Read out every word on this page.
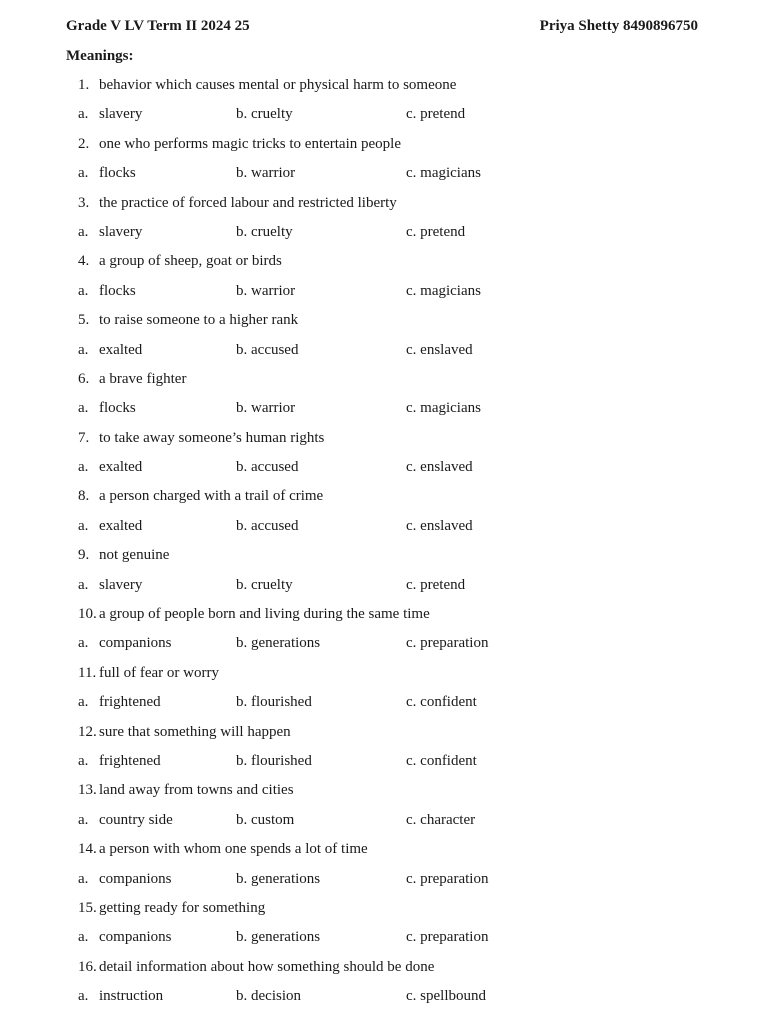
Grade V LV Term II 2024 25	Priya Shetty 8490896750
Meanings:
1. behavior which causes mental or physical harm to someone
a. slavery	b. cruelty	c. pretend
2. one who performs magic tricks to entertain people
a. flocks	b. warrior	c. magicians
3. the practice of forced labour and restricted liberty
a. slavery	b. cruelty	c. pretend
4. a group of sheep, goat or birds
a. flocks	b. warrior	c. magicians
5. to raise someone to a higher rank
a. exalted	b. accused	c. enslaved
6. a brave fighter
a. flocks	b. warrior	c. magicians
7. to take away someone’s human rights
a. exalted	b. accused	c. enslaved
8. a person charged with a trail of crime
a. exalted	b. accused	c. enslaved
9. not genuine
a. slavery	b. cruelty	c. pretend
10. a group of people born and living during the same time
a. companions	b. generations	c. preparation
11. full of fear or worry
a. frightened	b. flourished	c. confident
12. sure that something will happen
a. frightened	b. flourished	c. confident
13. land away from towns and cities
a. country side	b. custom	c. character
14. a person with whom one spends a lot of time
a. companions	b. generations	c. preparation
15. getting ready for something
a. companions	b. generations	c. preparation
16. detail information about how something should be done
a. instruction	b. decision	c. spellbound
